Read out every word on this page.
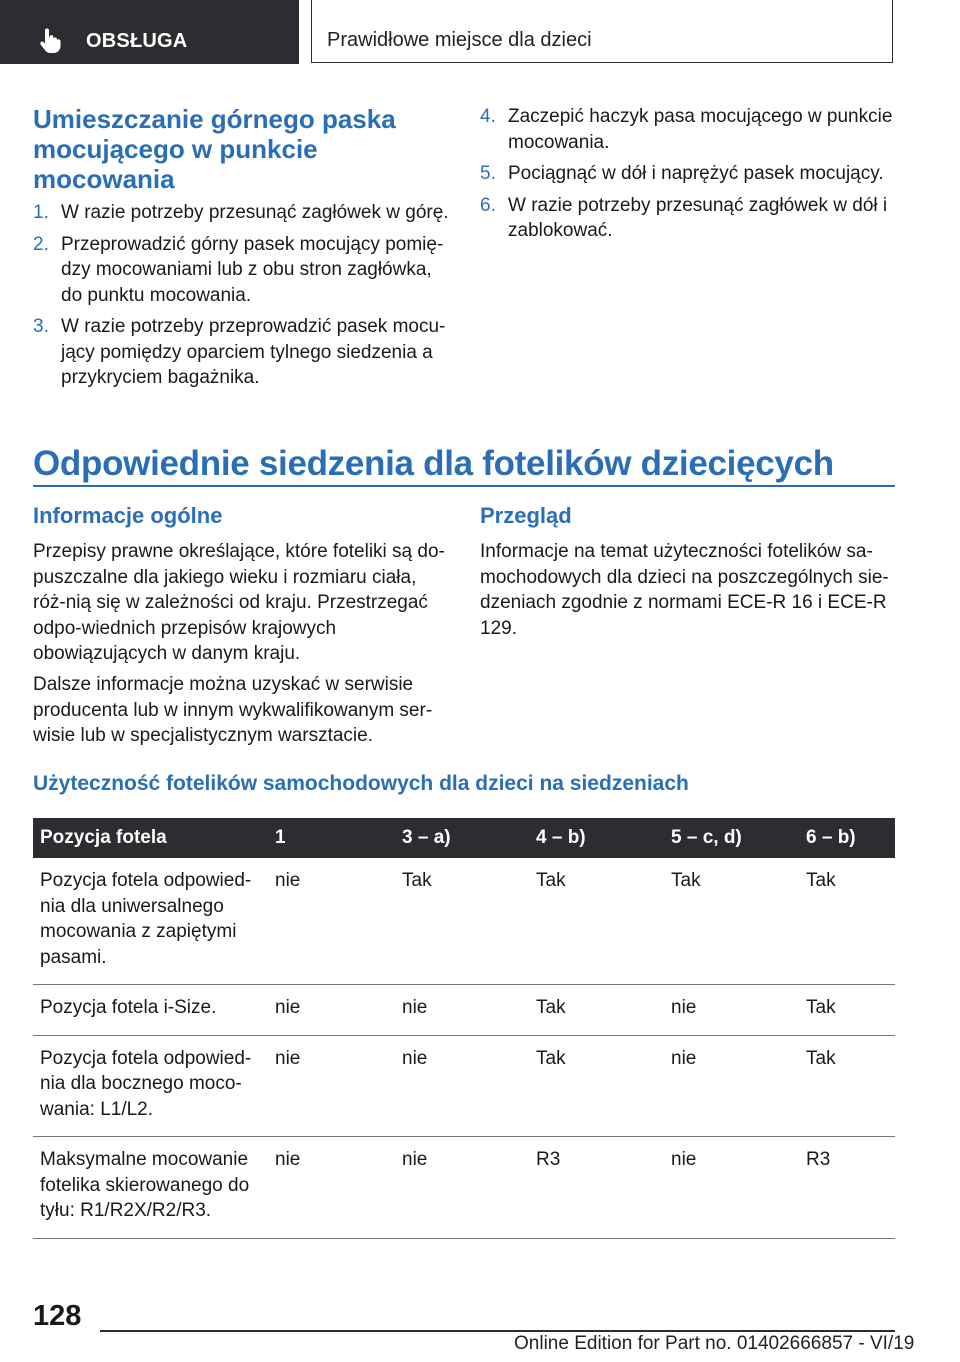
OBSŁUGA	Prawidłowe miejsce dla dzieci
Umieszczanie górnego paska mocującego w punkcie mocowania
1. W razie potrzeby przesunąć zagłówek w górę.
2. Przeprowadzić górny pasek mocujący pomię‐dzy mocowaniami lub z obu stron zagłówka, do punktu mocowania.
3. W razie potrzeby przeprowadzić pasek mocu‐jący pomiędzy oparciem tylnego siedzenia a przykryciem bagażnika.
4. Zaczepić haczyk pasa mocującego w punkcie mocowania.
5. Pociągnąć w dół i naprężyć pasek mocujący.
6. W razie potrzeby przesunąć zagłówek w dół i zablokować.
Odpowiednie siedzenia dla fotelików dziecięcych
Informacje ogólne

Przepisy prawne określające, które foteliki są do‐puszczalne dla jakiego wieku i rozmiaru ciała, róż‐nią się w zależności od kraju. Przestrzegać odpo‐wiednich przepisów krajowych obowiązujących w danym kraju.

Dalsze informacje można uzyskać w serwisie producenta lub w innym wykwalifikowanym ser‐wisie lub w specjalistycznym warsztacie.

Przegląd

Informacje na temat użyteczności fotelików sa‐mochodowych dla dzieci na poszczególnych sie‐dzeniach zgodnie z normami ECE-R 16 i ECE-R 129.

Użyteczność fotelików samochodowych dla dzieci na siedzeniach
Pozycja fotela	1	3 – a)	4 – b)	5 – c, d)	6 – b)
Pozycja fotela odpowied‐nia dla uniwersalnego mocowania z zapiętymi pasami.	nie	Tak	Tak	Tak	Tak
Pozycja fotela i-Size.	nie	nie	Tak	nie	Tak
Pozycja fotela odpowied‐nia dla bocznego moco‐wania: L1/L2.	nie	nie	Tak	nie	Tak
Maksymalne mocowanie fotelika skierowanego do tyłu: R1/R2X/R2/R3.	nie	nie	R3	nie	R3
128
Online Edition for Part no. 01402666857 - VI/19
